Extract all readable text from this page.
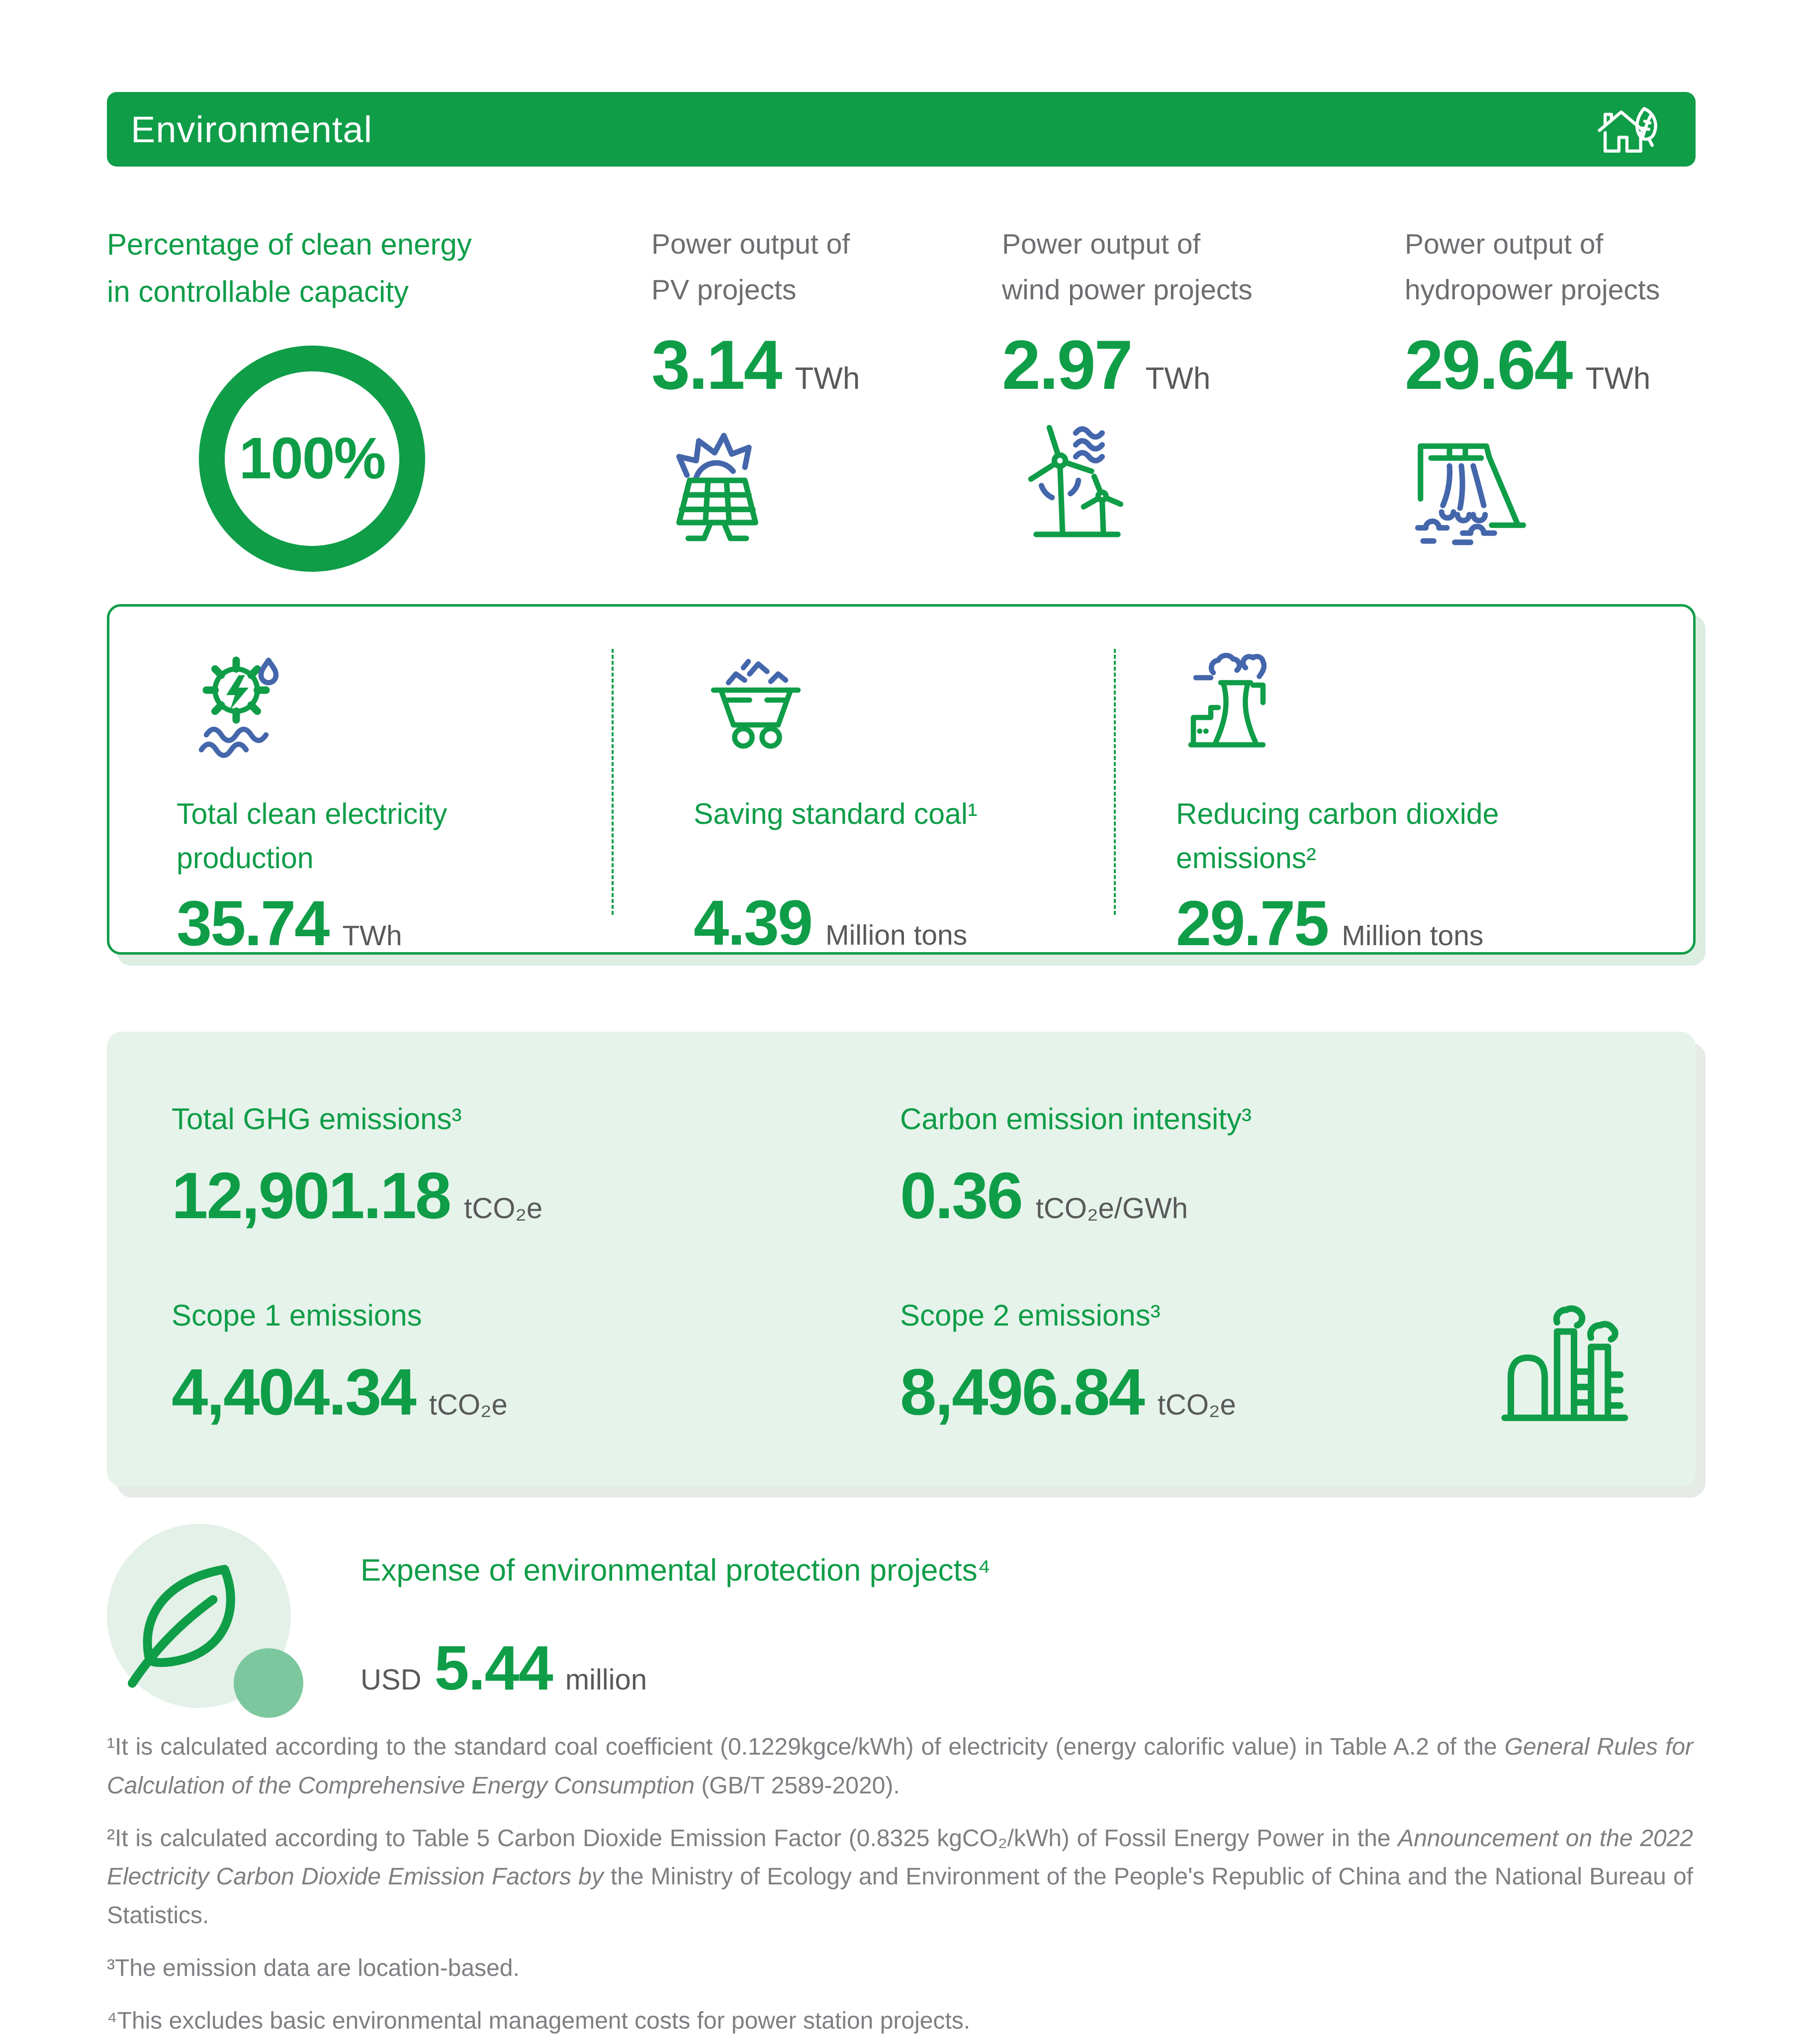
Environmental
Percentage of clean energy
in controllable capacity
100%
Power output of
PV projects
3.14 TWh
Power output of
wind power projects
2.97 TWh
Power output of
hydropower projects
29.64 TWh
Total clean electricity
production
35.74 TWh
Saving standard coal¹

4.39 Million tons
Reducing carbon dioxide
emissions²
29.75 Million tons
Total GHG emissions³
12,901.18 tCO₂e
Carbon emission intensity³
0.36 tCO₂e/GWh
Scope 1 emissions
4,404.34 tCO₂e
Scope 2 emissions³
8,496.84 tCO₂e
Expense of environmental protection projects⁴
USD 5.44 million

¹It is calculated according to the standard coal coefficient (0.1229kgce/kWh) of electricity (energy calorific value) in Table A.2 of the General Rules for Calculation of the Comprehensive Energy Consumption (GB/T 2589-2020).

²It is calculated according to Table 5 Carbon Dioxide Emission Factor (0.8325 kgCO₂/kWh) of Fossil Energy Power in the Announcement on the 2022 Electricity Carbon Dioxide Emission Factors by the Ministry of Ecology and Environment of the People's Republic of China and the National Bureau of Statistics.

³The emission data are location-based.

⁴This excludes basic environmental management costs for power station projects.
